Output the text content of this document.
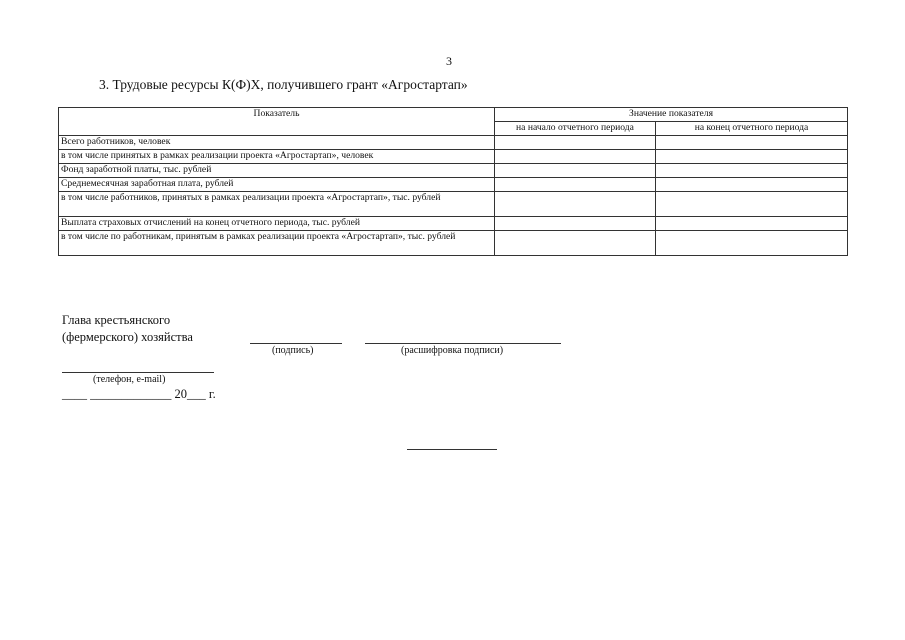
3
3. Трудовые ресурсы К(Ф)Х, получившего грант «Агростартап»
Показатель	Значение показателя	
	на начало отчетного периода	на конец отчетного периода
Всего работников, человек		
в том числе принятых в рамках реализации проекта «Агростартап», человек		
Фонд заработной платы, тыс. рублей		
Среднемесячная заработная плата, рублей		
в том числе работников, принятых в рамках реализации проекта «Агростартап», тыс. рублей		
Выплата страховых отчислений на конец отчетного периода, тыс. рублей		
в том числе по работникам, принятым в рамках реализации проекта «Агростартап», тыс. рублей		
Глава крестьянского
(фермерского) хозяйства
(подпись)	(расшифровка подписи)
(телефон, e-mail)
____ _____________ 20___ г.
